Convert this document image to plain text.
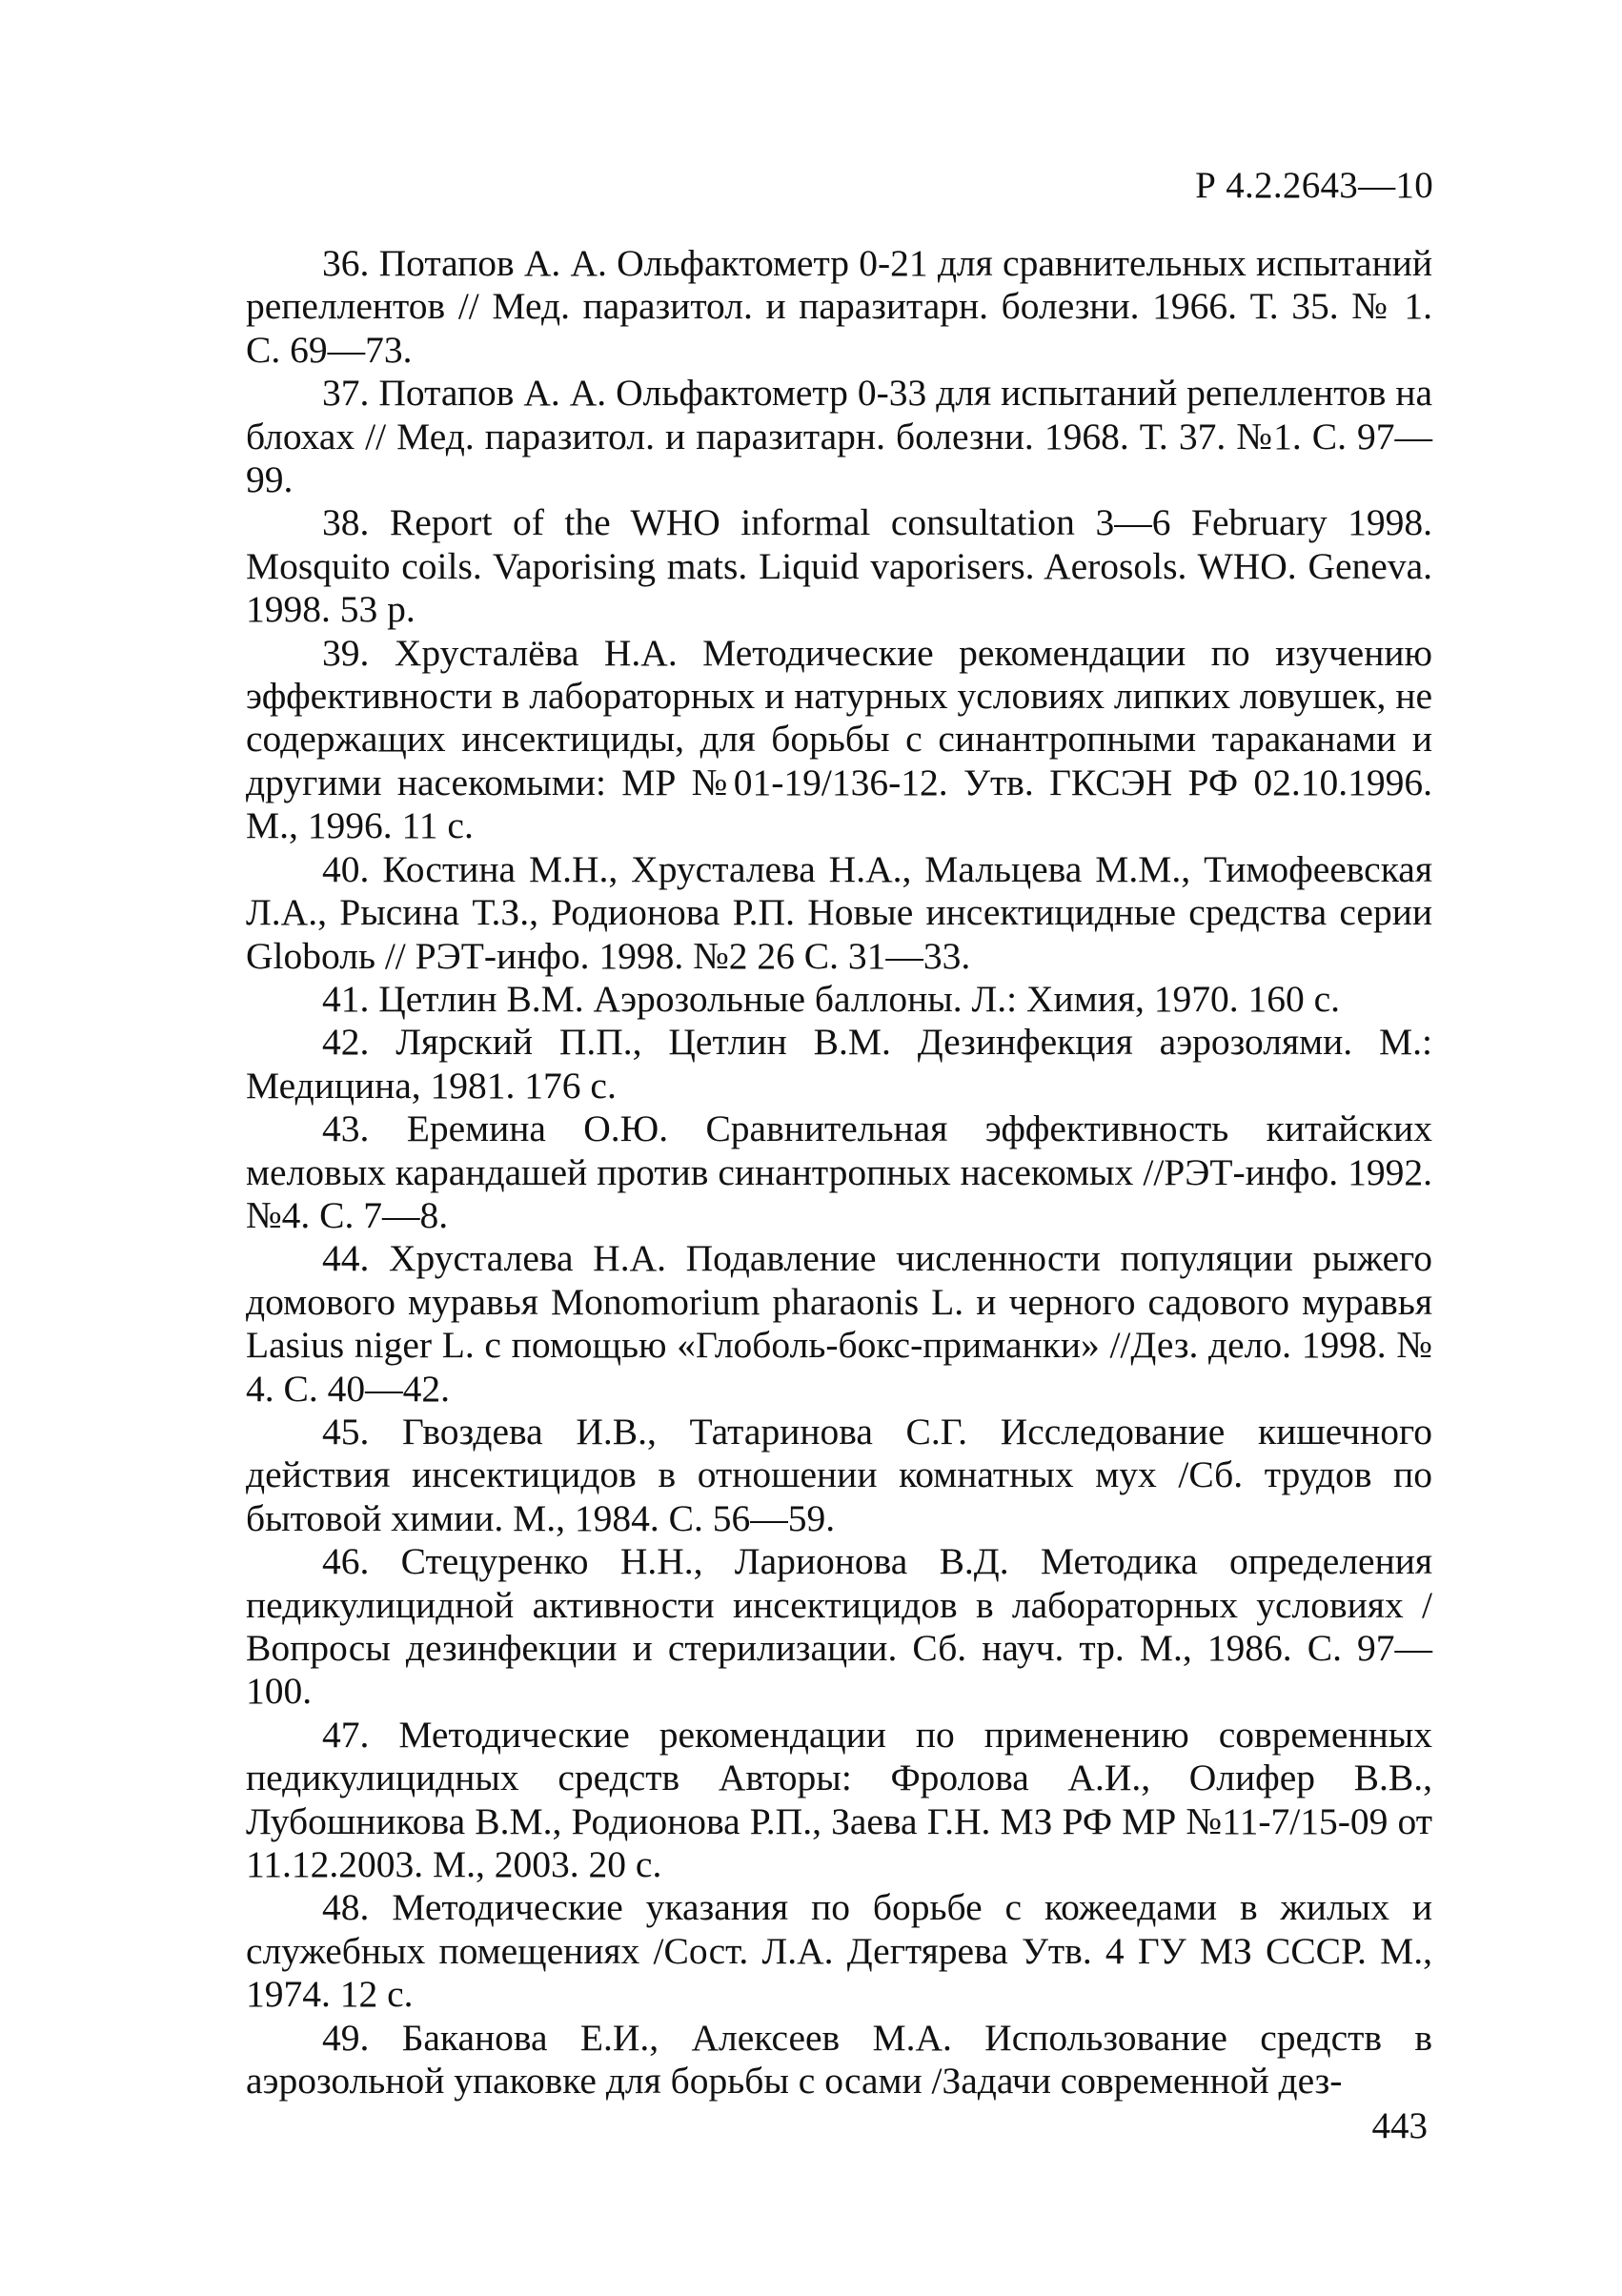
Р 4.2.2643—10

36. Потапов А. А. Ольфактометр 0-21 для сравнительных испытаний репеллентов // Мед. паразитол. и паразитарн. болезни. 1966. Т. 35. № 1. С. 69—73.

37. Потапов А. А. Ольфактометр 0-33 для испытаний репеллентов на блохах // Мед. паразитол. и паразитарн. болезни. 1968. Т. 37. №1. С. 97—99.

38. Report of the WHO informal consultation 3—6 February 1998. Mosquito coils. Vaporising mats. Liquid vaporisers. Aerosols. WHO. Geneva. 1998. 53 p.

39. Хрусталёва Н.А. Методические рекомендации по изучению эффективности в лабораторных и натурных условиях липких ловушек, не содержащих инсектициды, для борьбы с синантропными тараканами и другими насекомыми: МР №01-19/136-12. Утв. ГКСЭН РФ 02.10.1996. М., 1996. 11 с.

40. Костина М.Н., Хрусталева Н.А., Мальцева М.М., Тимофеевская Л.А., Рысина Т.З., Родионова Р.П. Новые инсектицидные средства серии Globоль // РЭТ-инфо. 1998. №2 26 С. 31—33.

41. Цетлин В.М. Аэрозольные баллоны. Л.: Химия, 1970. 160 с.

42. Лярский П.П., Цетлин В.М. Дезинфекция аэрозолями. М.: Медицина, 1981. 176 с.

43. Еремина О.Ю. Сравнительная эффективность китайских меловых карандашей против синантропных насекомых //РЭТ-инфо. 1992. №4. С. 7—8.

44. Хрусталева Н.А. Подавление численности популяции рыжего домового муравья Monomorium pharaonis L. и черного садового муравья Lasius niger L. с помощью «Глоболь-бокс-приманки» //Дез. дело. 1998. № 4. С. 40—42.

45. Гвоздева И.В., Татаринова С.Г. Исследование кишечного действия инсектицидов в отношении комнатных мух /Сб. трудов по бытовой химии. М., 1984. С. 56—59.

46. Стецуренко Н.Н., Ларионова В.Д. Методика определения педикулицидной активности инсектицидов в лабораторных условиях /Вопросы дезинфекции и стерилизации. Сб. науч. тр. М., 1986. С. 97—100.

47. Методические рекомендации по применению современных педикулицидных средств Авторы: Фролова А.И., Олифер В.В., Лубошникова В.М., Родионова Р.П., Заева Г.Н. МЗ РФ МР №11-7/15-09 от 11.12.2003. М., 2003. 20 с.

48. Методические указания по борьбе с кожеедами в жилых и служебных помещениях /Сост. Л.А. Дегтярева Утв. 4 ГУ МЗ СССР. М., 1974. 12 с.

49. Баканова Е.И., Алексеев М.А. Использование средств в аэрозольной упаковке для борьбы с осами /Задачи современной дез-

443
